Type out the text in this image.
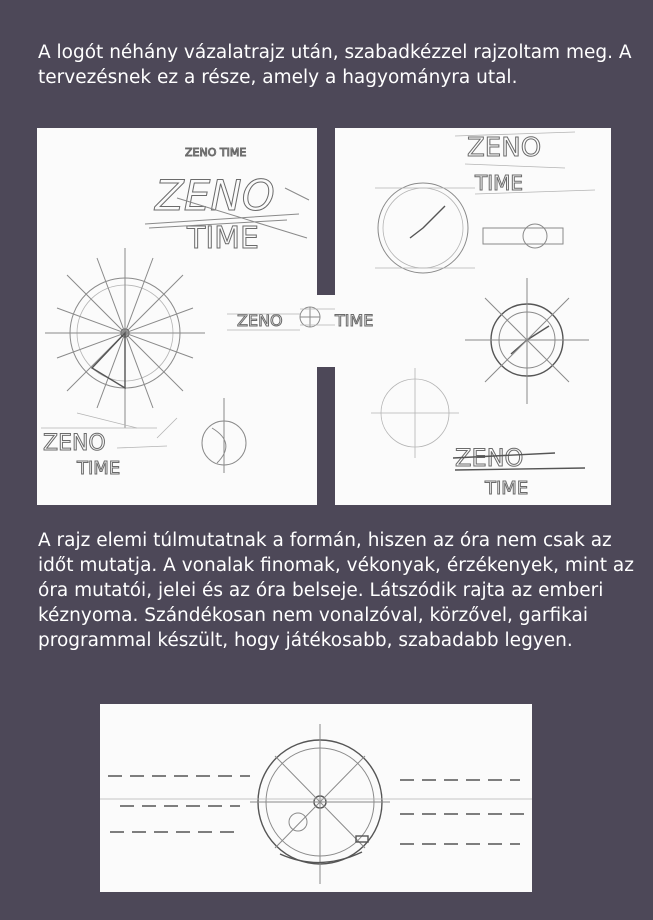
A logót néhány vázalatrajz után, szabadkézzel rajzoltam meg. A tervezésnek ez a része, amely a hagyományra utal.

ZENO TIME
ZENO
TIME
ZENO
TIME
ZENO	TIME
ZENO
TIME
ZENO
TIME

A rajz elemi túlmutatnak a formán, hiszen az óra nem csak az időt mutatja. A vonalak finomak, vékonyak, érzékenyek, mint az óra mutatói, jelei és az óra belseje. Látszódik rajta az emberi kéznyoma. Szándékosan nem vonalzóval, körzővel, garfikai programmal készült, hogy játékosabb, szabadabb legyen.
